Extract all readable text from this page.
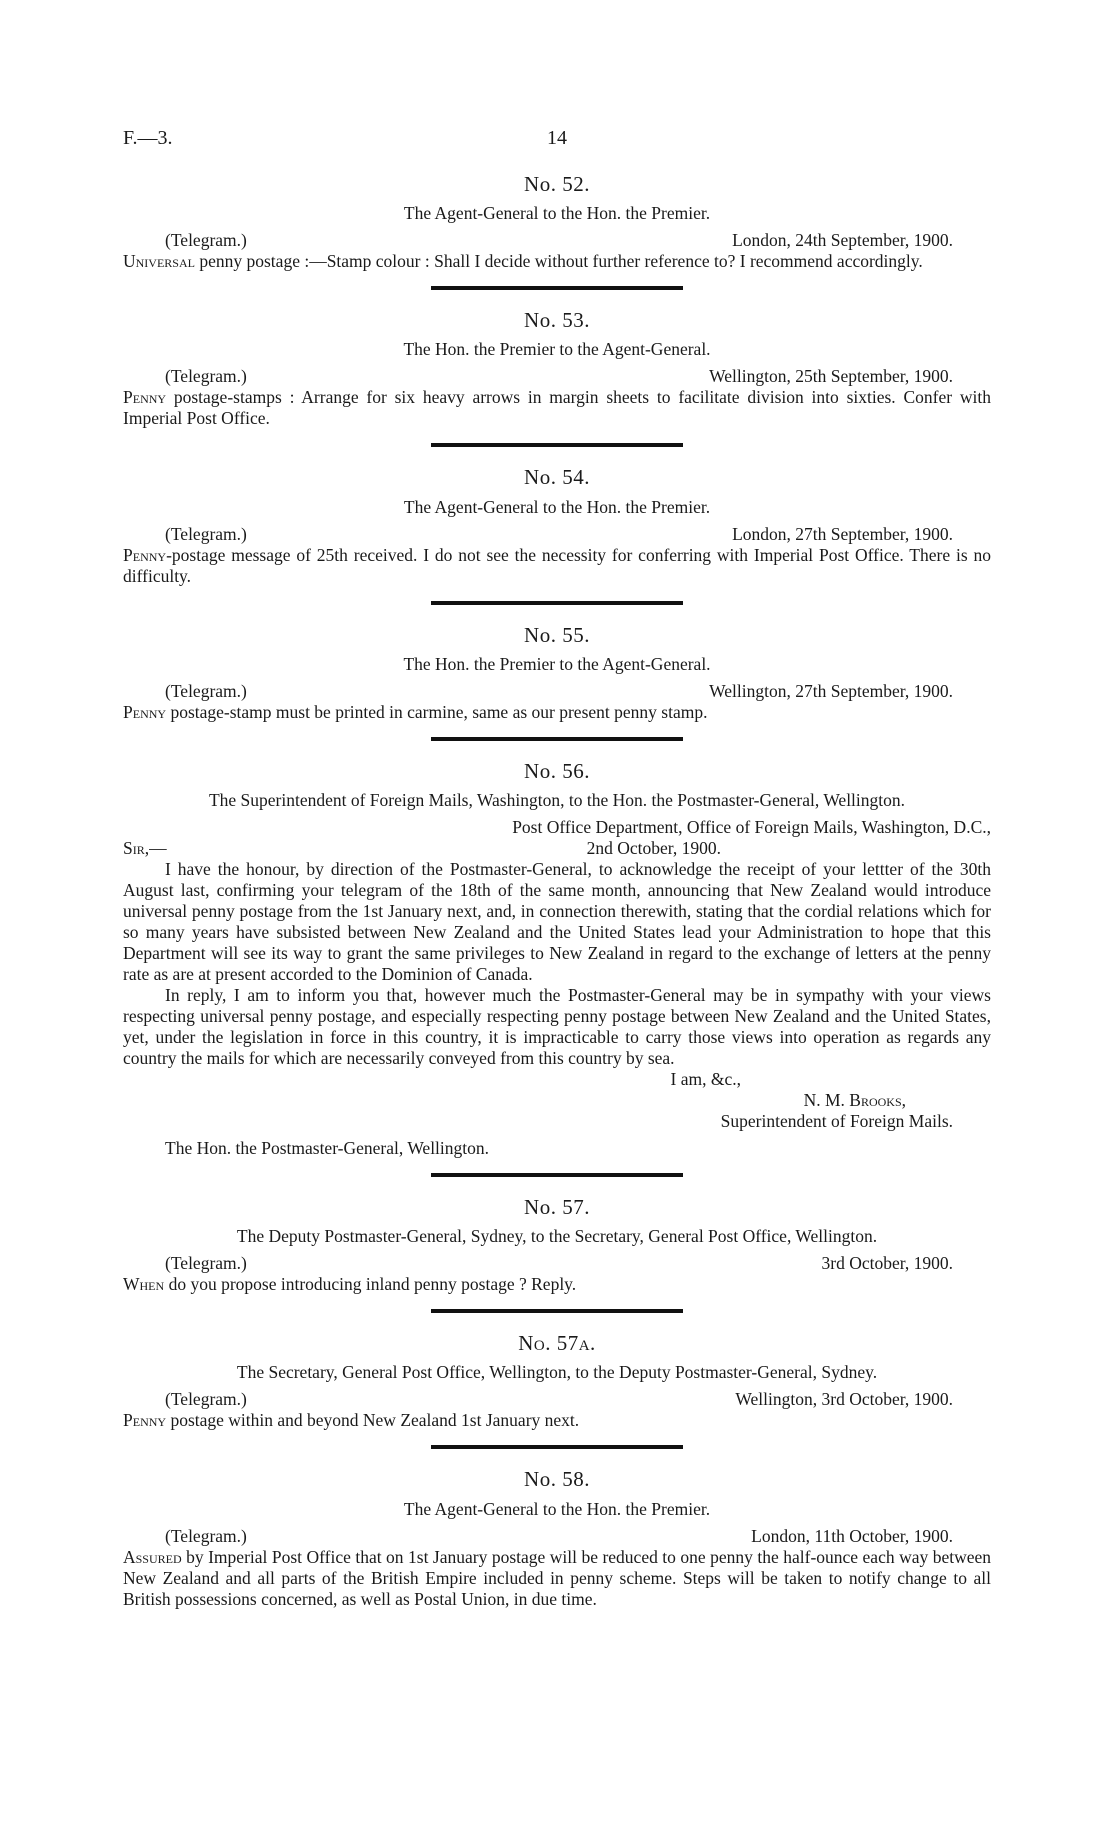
F.—3.	14
No. 52.
The Agent-General to the Hon. the Premier.
(Telegram.)	London, 24th September, 1900.
Universal penny postage :—Stamp colour : Shall I decide without further reference to? I recommend accordingly.
No. 53.
The Hon. the Premier to the Agent-General.
(Telegram.)	Wellington, 25th September, 1900.
Penny postage-stamps : Arrange for six heavy arrows in margin sheets to facilitate division into sixties. Confer with Imperial Post Office.
No. 54.
The Agent-General to the Hon. the Premier.
(Telegram.)	London, 27th September, 1900.
Penny-postage message of 25th received. I do not see the necessity for conferring with Imperial Post Office. There is no difficulty.
No. 55.
The Hon. the Premier to the Agent-General.
(Telegram.)	Wellington, 27th September, 1900.
Penny postage-stamp must be printed in carmine, same as our present penny stamp.
No. 56.
The Superintendent of Foreign Mails, Washington, to the Hon. the Postmaster-General, Wellington.
Post Office Department, Office of Foreign Mails, Washington, D.C.,
Sir,—	2nd October, 1900.
I have the honour, by direction of the Postmaster-General, to acknowledge the receipt of your lettter of the 30th August last, confirming your telegram of the 18th of the same month, announcing that New Zealand would introduce universal penny postage from the 1st January next, and, in connection therewith, stating that the cordial relations which for so many years have subsisted between New Zealand and the United States lead your Administration to hope that this Department will see its way to grant the same privileges to New Zealand in regard to the exchange of letters at the penny rate as are at present accorded to the Dominion of Canada.
In reply, I am to inform you that, however much the Postmaster-General may be in sympathy with your views respecting universal penny postage, and especially respecting penny postage between New Zealand and the United States, yet, under the legislation in force in this country, it is impracticable to carry those views into operation as regards any country the mails for which are necessarily conveyed from this country by sea.
I am, &c.,
N. M. Brooks,
Superintendent of Foreign Mails.
The Hon. the Postmaster-General, Wellington.
No. 57.
The Deputy Postmaster-General, Sydney, to the Secretary, General Post Office, Wellington.
(Telegram.)	3rd October, 1900.
When do you propose introducing inland penny postage ? Reply.
No. 57a.
The Secretary, General Post Office, Wellington, to the Deputy Postmaster-General, Sydney.
(Telegram.)	Wellington, 3rd October, 1900.
Penny postage within and beyond New Zealand 1st January next.
No. 58.
The Agent-General to the Hon. the Premier.
(Telegram.)	London, 11th October, 1900.
Assured by Imperial Post Office that on 1st January postage will be reduced to one penny the half-ounce each way between New Zealand and all parts of the British Empire included in penny scheme. Steps will be taken to notify change to all British possessions concerned, as well as Postal Union, in due time.
